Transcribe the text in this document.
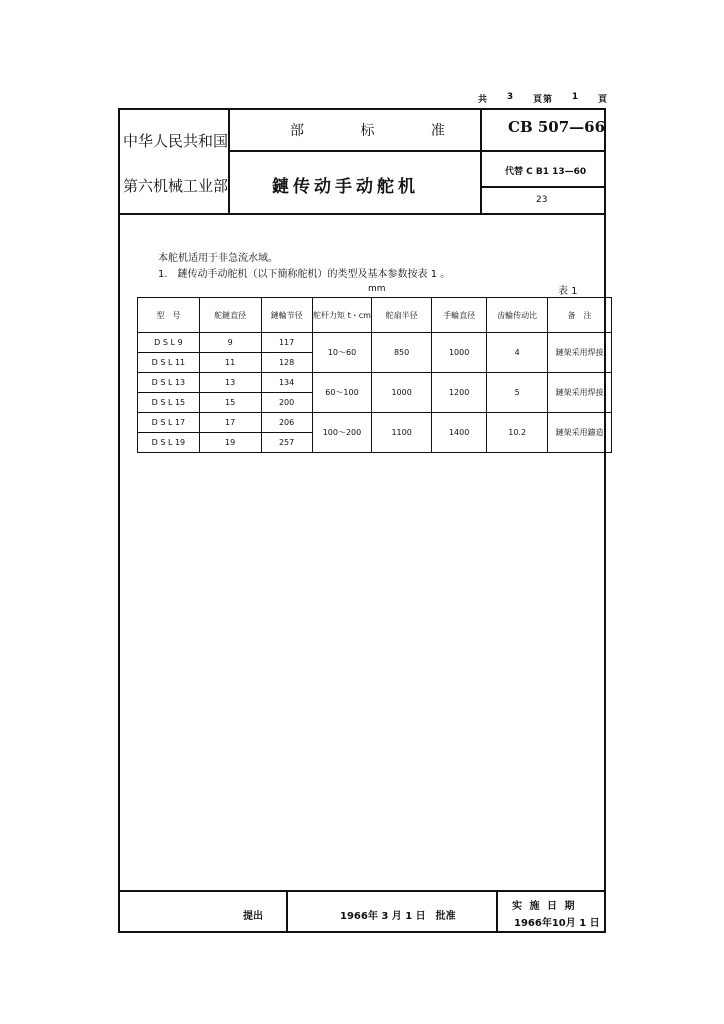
共 3 頁第 1 頁
中华人民共和国
第六机械工业部
部 标 准
鏈传动手动舵机
CB 507—66
代替 C B1 13—60
23
本舵机适用于非急流水域。
1.　鏈传动手动舵机（以下簡称舵机）的类型及基本参数按表 1 。
mm	表 1
型　号	舵鏈直径	鏈輪节径	舵杆力矩 t・cm	舵扇半径	手輪直径	齿輪传动比	备　注
D S L 9	9	117	10～60	850	1000	4	鏈架采用焊接
D S L 11	11	128					
D S L 13	13	134	60～100	1000	1200	5	鏈架采用焊接
D S L 15	15	200					
D S L 17	17	206	100～200	1100	1400	10.2	鏈架采用鑄造
D S L 19	19	257					
提出	1966年 3 月 1 日　批准
实 施 日 期
1966年10月 1 日
